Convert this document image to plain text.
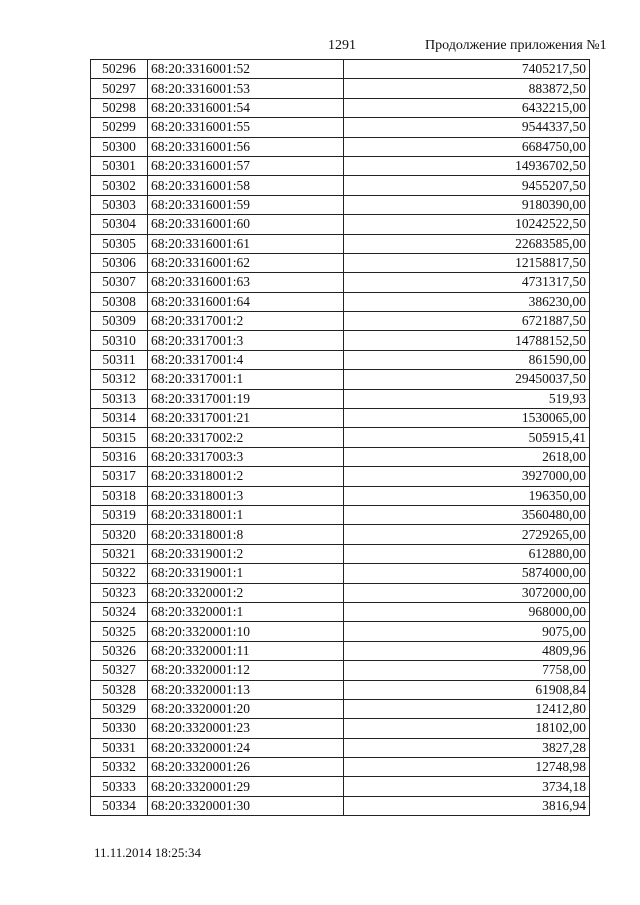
1291	Продолжение приложения №1
50296	68:20:3316001:52	7405217,50
50297	68:20:3316001:53	883872,50
50298	68:20:3316001:54	6432215,00
50299	68:20:3316001:55	9544337,50
50300	68:20:3316001:56	6684750,00
50301	68:20:3316001:57	14936702,50
50302	68:20:3316001:58	9455207,50
50303	68:20:3316001:59	9180390,00
50304	68:20:3316001:60	10242522,50
50305	68:20:3316001:61	22683585,00
50306	68:20:3316001:62	12158817,50
50307	68:20:3316001:63	4731317,50
50308	68:20:3316001:64	386230,00
50309	68:20:3317001:2	6721887,50
50310	68:20:3317001:3	14788152,50
50311	68:20:3317001:4	861590,00
50312	68:20:3317001:1	29450037,50
50313	68:20:3317001:19	519,93
50314	68:20:3317001:21	1530065,00
50315	68:20:3317002:2	505915,41
50316	68:20:3317003:3	2618,00
50317	68:20:3318001:2	3927000,00
50318	68:20:3318001:3	196350,00
50319	68:20:3318001:1	3560480,00
50320	68:20:3318001:8	2729265,00
50321	68:20:3319001:2	612880,00
50322	68:20:3319001:1	5874000,00
50323	68:20:3320001:2	3072000,00
50324	68:20:3320001:1	968000,00
50325	68:20:3320001:10	9075,00
50326	68:20:3320001:11	4809,96
50327	68:20:3320001:12	7758,00
50328	68:20:3320001:13	61908,84
50329	68:20:3320001:20	12412,80
50330	68:20:3320001:23	18102,00
50331	68:20:3320001:24	3827,28
50332	68:20:3320001:26	12748,98
50333	68:20:3320001:29	3734,18
50334	68:20:3320001:30	3816,94
11.11.2014 18:25:34
